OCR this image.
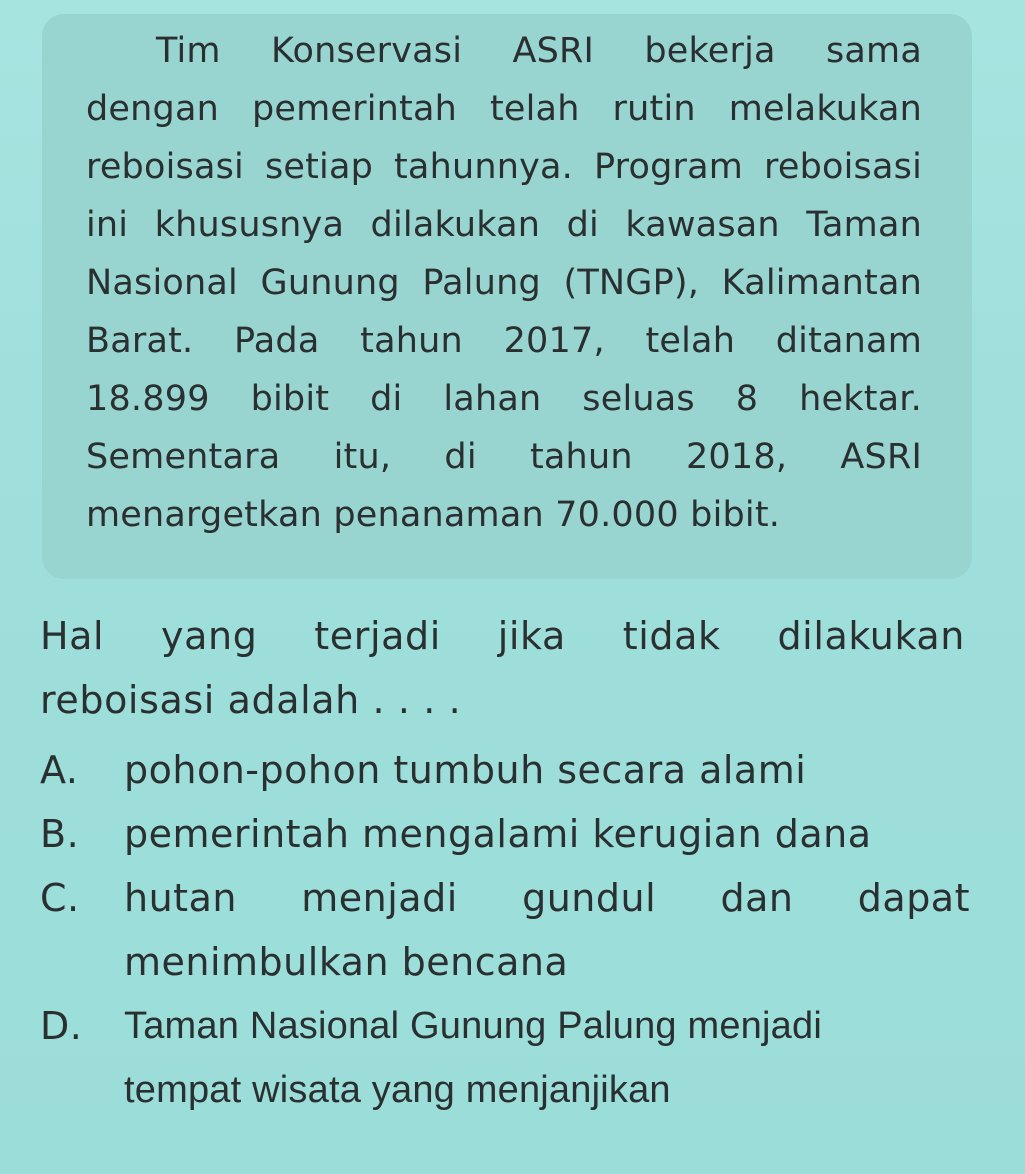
Tim Konservasi ASRI bekerja sama
dengan pemerintah telah rutin melakukan
reboisasi setiap tahunnya. Program reboisasi
ini khususnya dilakukan di kawasan Taman
Nasional Gunung Palung (TNGP), Kalimantan
Barat. Pada tahun 2017, telah ditanam
18.899 bibit di lahan seluas 8 hektar.
Sementara itu, di tahun 2018, ASRI
menargetkan penanaman 70.000 bibit.
Hal yang terjadi jika tidak dilakukan
reboisasi adalah . . . .
A.	pohon-pohon tumbuh secara alami
B.	pemerintah mengalami kerugian dana
C.	hutan menjadi gundul dan dapat
menimbulkan bencana
D.	Taman Nasional Gunung Palung menjadi
tempat wisata yang menjanjikan
